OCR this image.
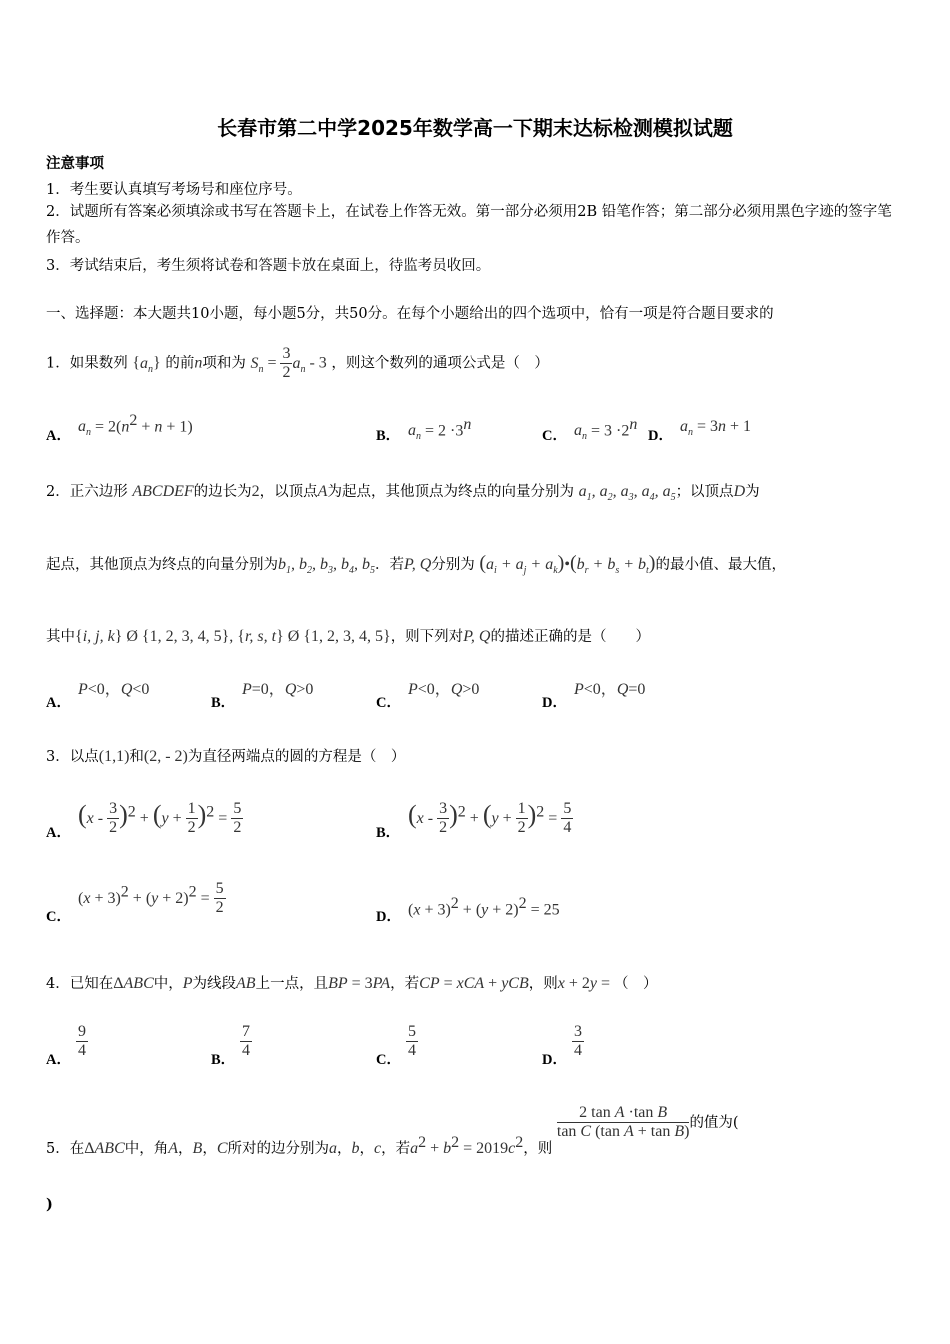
长春市第二中学2025年数学高一下期末达标检测模拟试题
注意事项
1．考生要认真填写考场号和座位序号。
2．试题所有答案必须填涂或书写在答题卡上，在试卷上作答无效。第一部分必须用2B 铅笔作答；第二部分必须用黑色字迹的签字笔作答。
3．考试结束后，考生须将试卷和答题卡放在桌面上，待监考员收回。
一、选择题：本大题共10小题，每小题5分，共50分。在每个小题给出的四个选项中，恰有一项是符合题目要求的
1．如果数列 $\{a_n\}$ 的前n项和为 $S_n = \frac{3}{2} a_n - 3$ ，则这个数列的通项公式是（　）
A．
$a_n = 2(n^2 + n + 1)$
B． $a_n = 2 \cdot 3^n$
C． $a_n = 3 \cdot 2^n$
D．
$a_n = 3n + 1$
2．正六边形 ABCDEF的边长为2，以顶点A为起点，其他顶点为终点的向量分别为 $a_1$, $a_2$, $a_3$, $a_4$, $a_5$；以顶点D为
起点，其他顶点为终点的向量分别为$b_1$, $b_2$, $b_3$, $b_4$, $b_5$．若P, Q分别为 ($a_i + a_j$ + $a_k)•(b_r + b_s + b_t)$的最小值、最大值，
其中{i, j, k} Ø {1, 2, 3, 4, 5}, {r, s, t} Ø {1, 2, 3, 4, 5}，则下列对P, Q的描述正确的是（　　）
A．
P<0，Q<0
B．
P=0，Q>0
C．
P<0，Q>0
D．
P<0，Q=0
3．以点(1,1)和(2, - 2)为直径两端点的圆的方程是（　）
A．
$(x - \frac{3}{2} )^2 + (y + \frac{1}{2} )^2 = \frac{5}{2}$	B．
$(x - \frac{3}{2} )^2 + (y + \frac{1}{2} )^2 = \frac{5}{4}$
C．
$(x + 3)^2 + (y + 2)^2 = \frac{5}{2}$	D． $(x + 3)^2 + (y + 2)^2 = 25$
4．已知在ΔABC中，P为线段AB上一点，且BP = 3PA，若CP = xCA + yCB，则x + 2y = （　）
A． $\frac{9}{4}$	B． $\frac{7}{4}$	C． $\frac{5}{4}$	D． $\frac{3}{4}$
5．在ΔABC中，角A，B，C所对的边分别为a，b，c，若$a^2 + b^2 = 2019c^2$，则
$\frac{\text{2 tan A ·tan B}}{\text{tan C (tan A + tan B)}}$ 的值为(
)
